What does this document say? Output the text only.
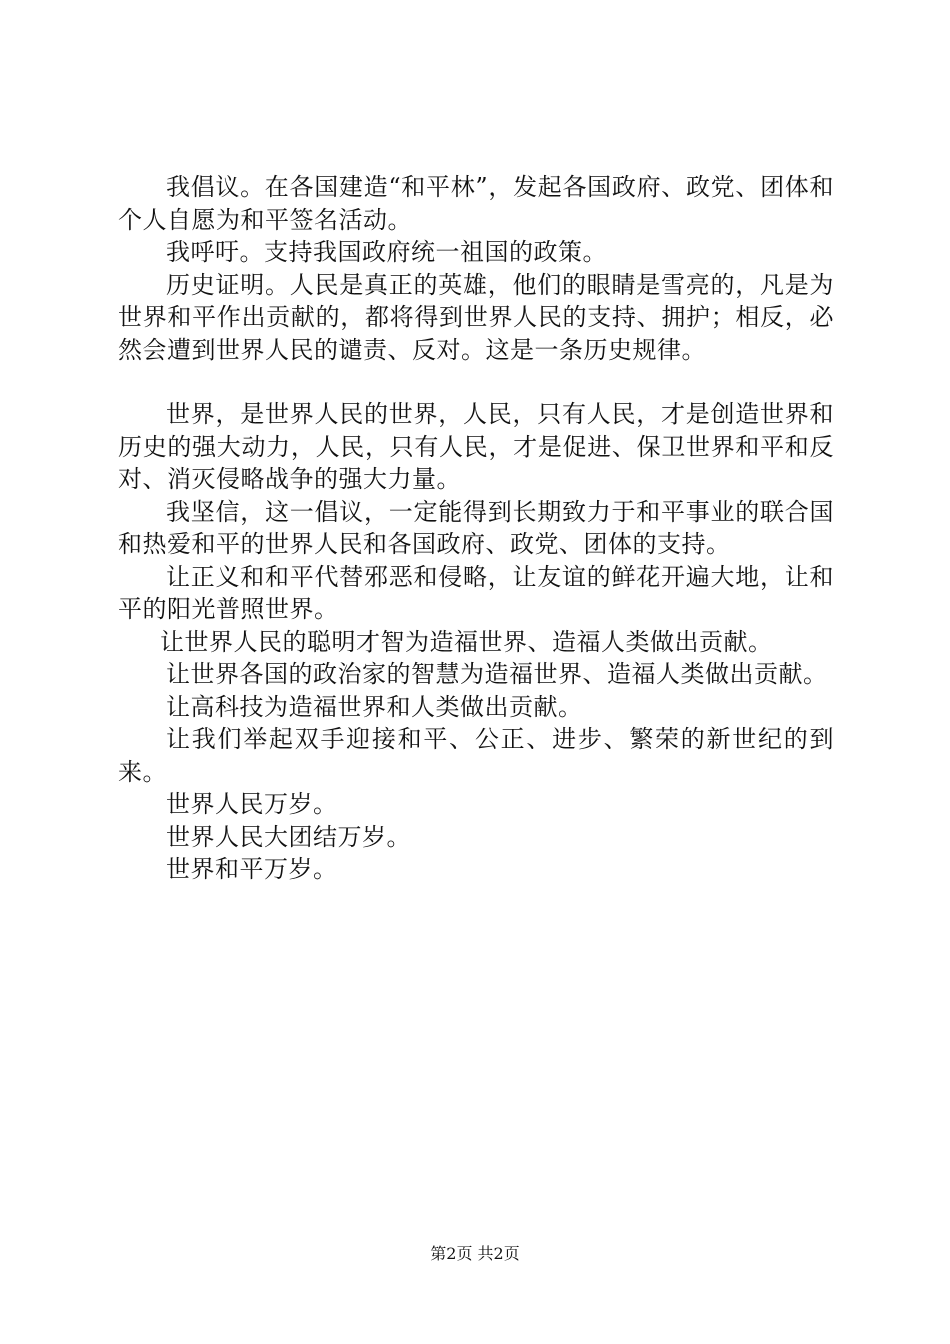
我倡议。在各国建造“和平林”，发起各国政府、政党、团体和个人自愿为和平签名活动。

我呼吁。支持我国政府统一祖国的政策。

历史证明。人民是真正的英雄，他们的眼睛是雪亮的，凡是为世界和平作出贡献的，都将得到世界人民的支持、拥护；相反，必然会遭到世界人民的谴责、反对。这是一条历史规律。

世界，是世界人民的世界，人民，只有人民，才是创造世界和历史的强大动力，人民，只有人民，才是促进、保卫世界和平和反对、消灭侵略战争的强大力量。

我坚信，这一倡议，一定能得到长期致力于和平事业的联合国和热爱和平的世界人民和各国政府、政党、团体的支持。

让正义和和平代替邪恶和侵略，让友谊的鲜花开遍大地，让和平的阳光普照世界。

让世界人民的聪明才智为造福世界、造福人类做出贡献。

让世界各国的政治家的智慧为造福世界、造福人类做出贡献。

让高科技为造福世界和人类做出贡献。

让我们举起双手迎接和平、公正、进步、繁荣的新世纪的到来。

世界人民万岁。

世界人民大团结万岁。

世界和平万岁。

第2页 共2页
